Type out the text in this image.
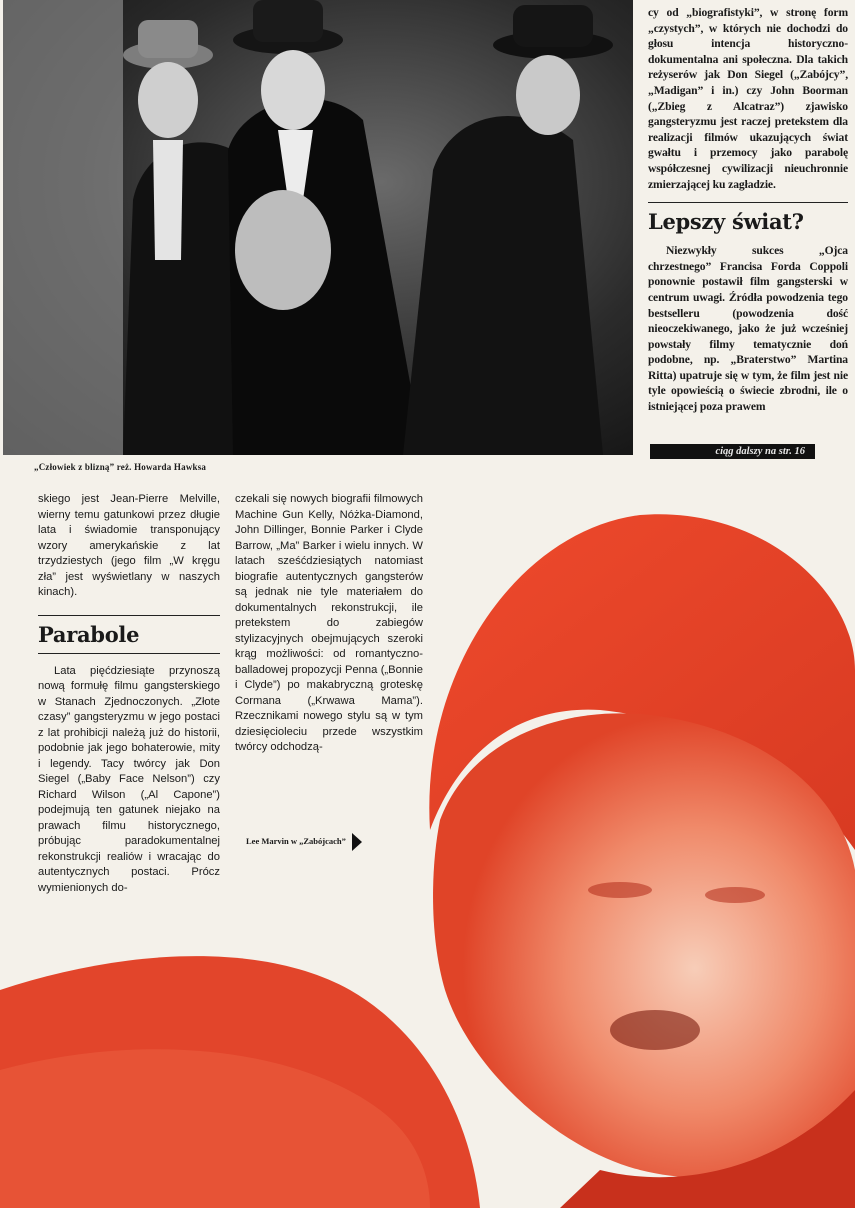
cy od „biografistyki”, w stronę form „czystych”, w których nie dochodzi do głosu intencja historyczno-dokumentalna ani społeczna. Dla takich reżyserów jak Don Siegel („Zabójcy”, „Madigan” i in.) czy John Boorman („Zbieg z Alcatraz”) zjawisko gangsteryzmu jest raczej pretekstem dla realizacji filmów ukazujących świat gwałtu i przemocy jako parabolę współczesnej cywilizacji nieuchronnie zmierzającej ku zagładzie.

Lepszy świat?

Niezwykły sukces „Ojca chrzestnego” Francisa Forda Coppoli ponownie postawił film gangsterski w centrum uwagi. Źródła powodzenia tego bestselleru (powodzenia dość nieoczekiwanego, jako że już wcześniej powstały filmy tematycznie doń podobne, np. „Braterstwo” Martina Ritta) upatruje się w tym, że film jest nie tyle opowieścią o świecie zbrodni, ile o istniejącej poza prawem

ciąg dalszy na str. 16
„Człowiek z blizną” reż. Howarda Hawksa

skiego jest Jean-Pierre Melville, wierny temu gatunkowi przez długie lata i świadomie transponujący wzory amerykańskie z lat trzydziestych (jego film „W kręgu zła” jest wyświetlany w naszych kinach).

Parabole

Lata pięćdziesiąte przynoszą nową formułę filmu gangsterskiego w Stanach Zjednoczonych. „Złote czasy” gangsteryzmu w jego postaci z lat prohibicji należą już do historii, podobnie jak jego bohaterowie, mity i legendy. Tacy twórcy jak Don Siegel („Baby Face Nelson”) czy Richard Wilson („Al Capone”) podejmują ten gatunek niejako na prawach filmu historycznego, próbując paradokumentalnej rekonstrukcji realiów i wracając do autentycznych postaci. Prócz wymienionych do-

czekali się nowych biografii filmowych Machine Gun Kelly, Nóżka-Diamond, John Dillinger, Bonnie Parker i Clyde Barrow, „Ma” Barker i wielu innych. W latach sześćdziesiątych natomiast biografie autentycznych gangsterów są jednak nie tyle materiałem do dokumentalnych rekonstrukcji, ile pretekstem do zabiegów stylizacyjnych obejmujących szeroki krąg możliwości: od romantyczno-balladowej propozycji Penna („Bonnie i Clyde”) po makabryczną groteskę Cormana („Krwawa Mama”). Rzecznikami nowego stylu są w tym dziesięcioleciu przede wszystkim twórcy odchodzą-

Lee Marvin w „Zabójcach”
